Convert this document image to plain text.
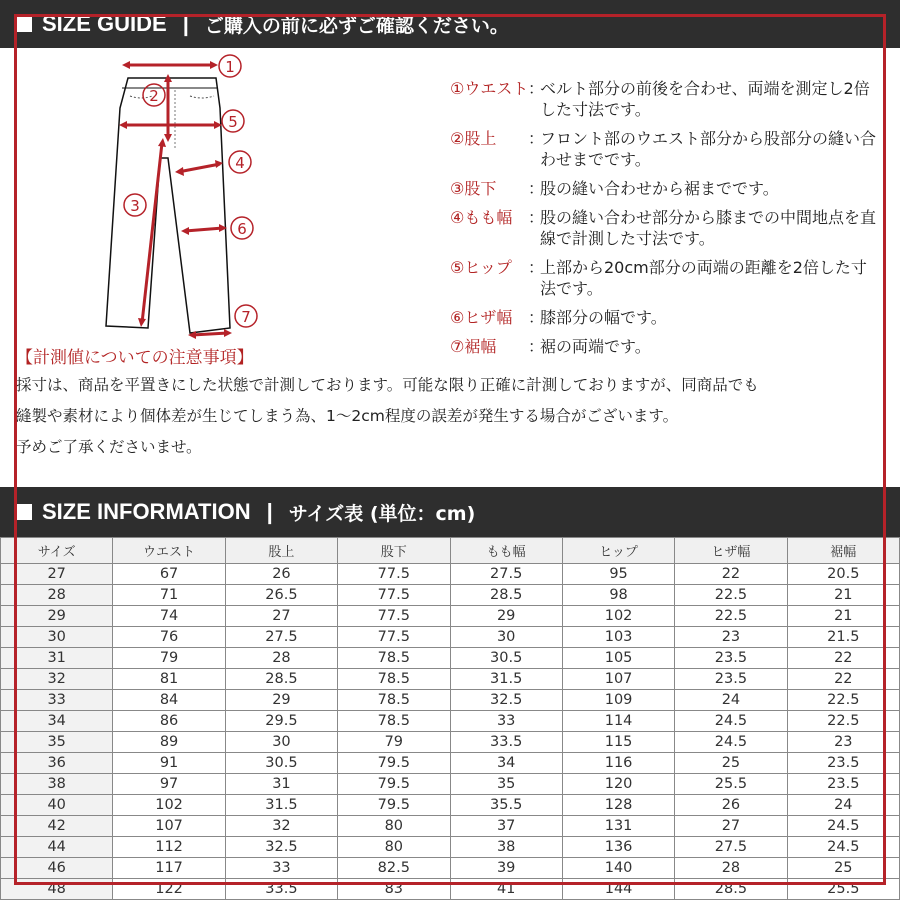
SIZE GUIDE | ご購入の前に必ずご確認ください。
1
2
3
4
5
6
7
①ウエスト ：
ベルト部分の前後を合わせ、両端を測定し2倍した寸法です。
②股上	：
フロント部のウエスト部分から股部分の縫い合わせまでです。
③股下	：
股の縫い合わせから裾までです。
④もも幅 ：
股の縫い合わせ部分から膝までの中間地点を直線で計測した寸法です。
⑤ヒップ	：
上部から20cm部分の両端の距離を2倍した寸法です。
⑥ヒザ幅 ：
膝部分の幅です。
⑦裾幅	：
裾の両端です。
【計測値についての注意事項】
採寸は、商品を平置きにした状態で計測しております。可能な限り正確に計測しておりますが、同商品でも
縫製や素材により個体差が生じてしまう為、1～2cm程度の誤差が発生する場合がございます。
予めご了承くださいませ。
SIZE INFORMATION | サイズ表 (単位：cm)
サイズ	ウエスト	股上	股下	もも幅	ヒップ	ヒザ幅	裾幅
27	67	26	77.5	27.5	95	22	20.5
28	71	26.5	77.5	28.5	98	22.5	21
29	74	27	77.5	29	102	22.5	21
30	76	27.5	77.5	30	103	23	21.5
31	79	28	78.5	30.5	105	23.5	22
32	81	28.5	78.5	31.5	107	23.5	22
33	84	29	78.5	32.5	109	24	22.5
34	86	29.5	78.5	33	114	24.5	22.5
35	89	30	79	33.5	115	24.5	23
36	91	30.5	79.5	34	116	25	23.5
38	97	31	79.5	35	120	25.5	23.5
40	102	31.5	79.5	35.5	128	26	24
42	107	32	80	37	131	27	24.5
44	112	32.5	80	38	136	27.5	24.5
46	117	33	82.5	39	140	28	25
48	122	33.5	83	41	144	28.5	25.5
